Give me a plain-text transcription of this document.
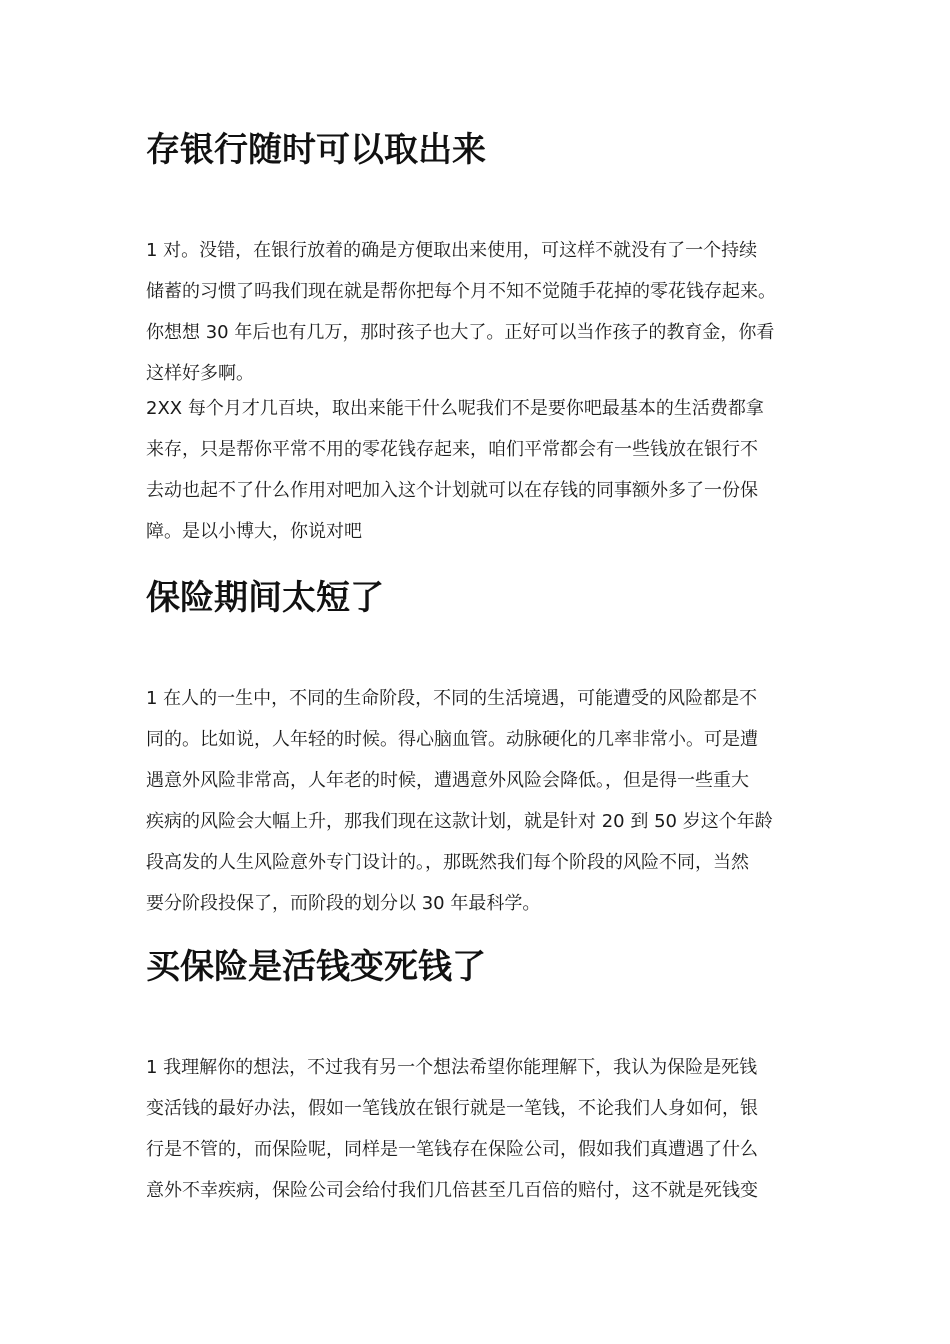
存银行随时可以取出来

1 对。没错，在银行放着的确是方便取出来使用，可这样不就没有了一个持续
储蓄的习惯了吗我们现在就是帮你把每个月不知不觉随手花掉的零花钱存起来。
你想想 30 年后也有几万，那时孩子也大了。正好可以当作孩子的教育金，你看
这样好多啊。

2XX 每个月才几百块，取出来能干什么呢我们不是要你吧最基本的生活费都拿
来存，只是帮你平常不用的零花钱存起来，咱们平常都会有一些钱放在银行不
去动也起不了什么作用对吧加入这个计划就可以在存钱的同事额外多了一份保
障。是以小博大，你说对吧

保险期间太短了

1 在人的一生中，不同的生命阶段，不同的生活境遇，可能遭受的风险都是不
同的。比如说，人年轻的时候。得心脑血管。动脉硬化的几率非常小。可是遭
遇意外风险非常高，人年老的时候，遭遇意外风险会降低。，但是得一些重大
疾病的风险会大幅上升，那我们现在这款计划，就是针对 20 到 50 岁这个年龄
段高发的人生风险意外专门设计的。，那既然我们每个阶段的风险不同，当然
要分阶段投保了，而阶段的划分以 30 年最科学。

买保险是活钱变死钱了

1 我理解你的想法，不过我有另一个想法希望你能理解下，我认为保险是死钱
变活钱的最好办法，假如一笔钱放在银行就是一笔钱，不论我们人身如何，银
行是不管的，而保险呢，同样是一笔钱存在保险公司，假如我们真遭遇了什么
意外不幸疾病，保险公司会给付我们几倍甚至几百倍的赔付，这不就是死钱变
